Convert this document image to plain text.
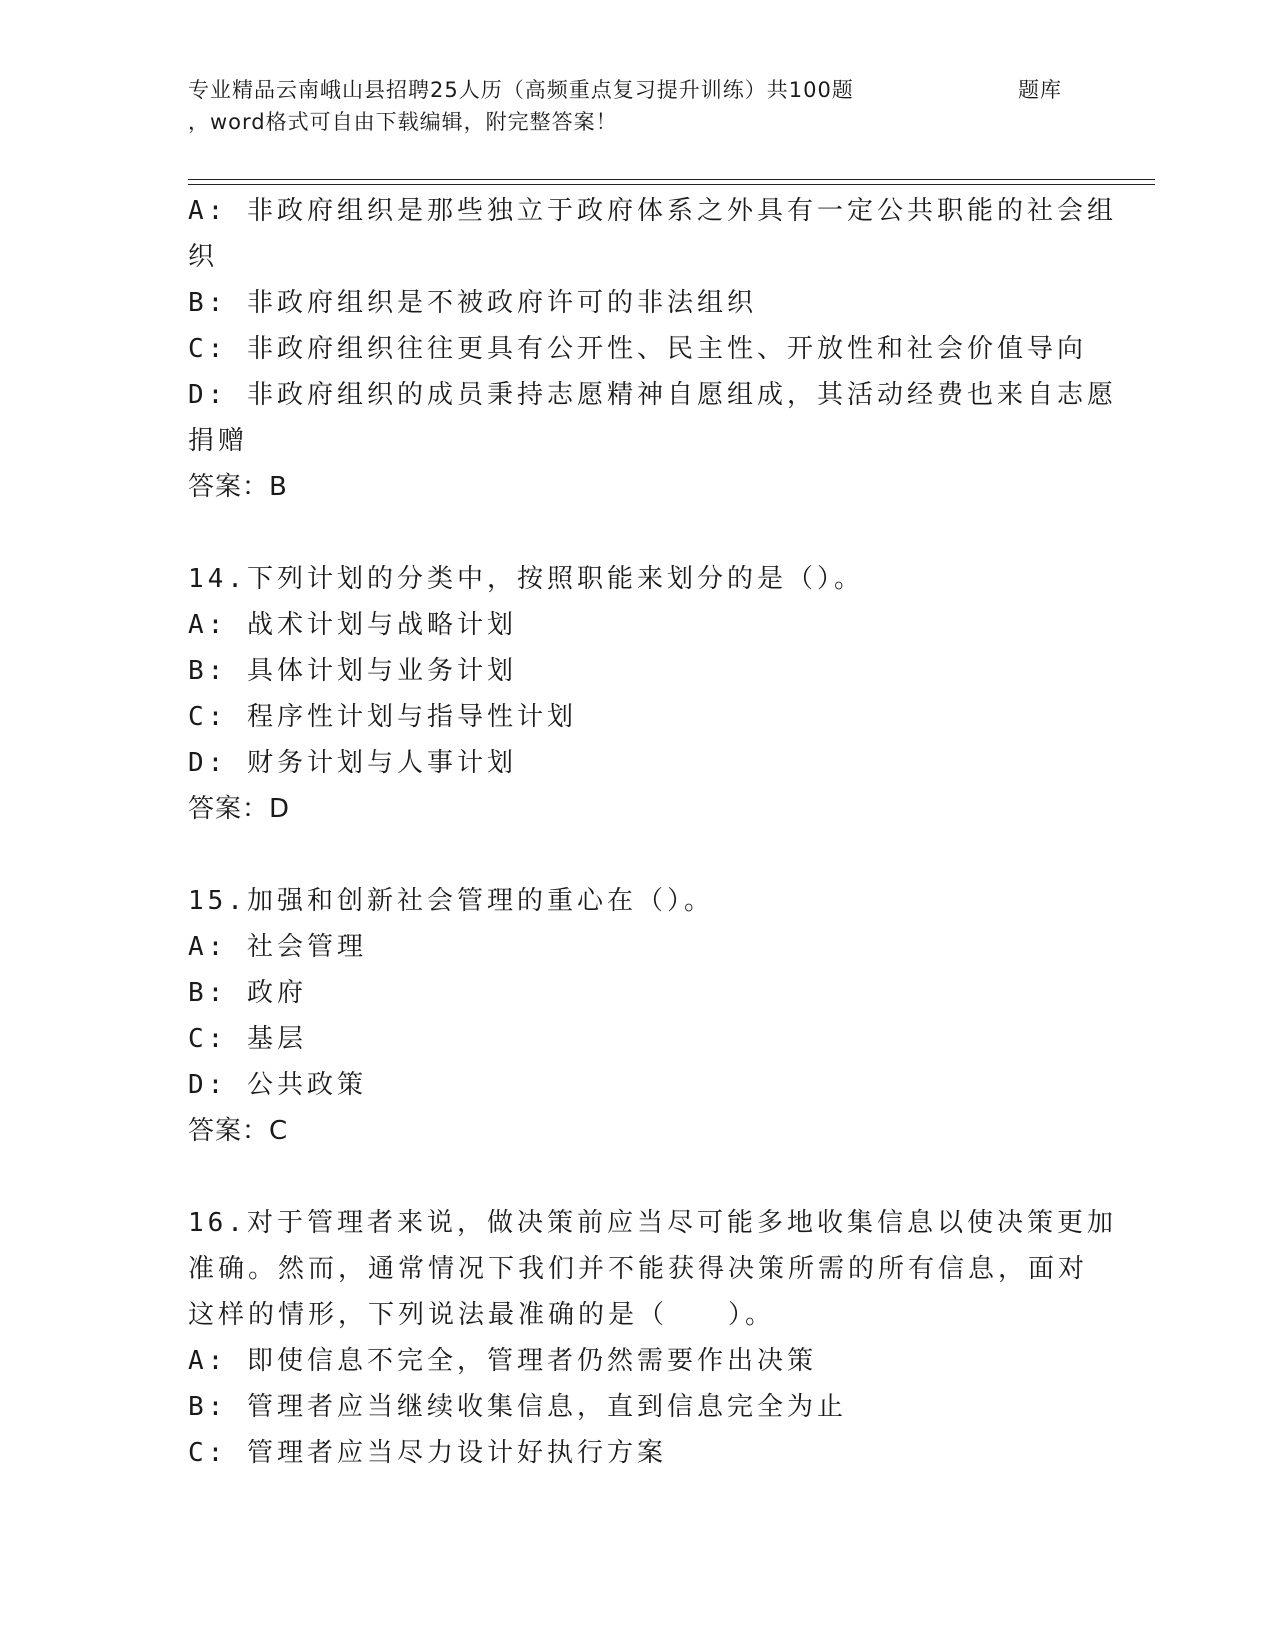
专业精品云南峨山县招聘25人历（高频重点复习提升训练）共100题	题库
，word格式可自由下载编辑，附完整答案！
A: 非政府组织是那些独立于政府体系之外具有一定公共职能的社会组
织
B: 非政府组织是不被政府许可的非法组织
C: 非政府组织往往更具有公开性、民主性、开放性和社会价值导向
D: 非政府组织的成员秉持志愿精神自愿组成，其活动经费也来自志愿
捐赠
答案：B
14.下列计划的分类中，按照职能来划分的是（）。
A: 战术计划与战略计划
B: 具体计划与业务计划
C: 程序性计划与指导性计划
D: 财务计划与人事计划
答案：D
15.加强和创新社会管理的重心在（）。
A: 社会管理
B: 政府
C: 基层
D: 公共政策
答案：C
16.对于管理者来说，做决策前应当尽可能多地收集信息以使决策更加
准确。然而，通常情况下我们并不能获得决策所需的所有信息，面对
这样的情形，下列说法最准确的是（　　）。
A: 即使信息不完全，管理者仍然需要作出决策
B: 管理者应当继续收集信息，直到信息完全为止
C: 管理者应当尽力设计好执行方案
